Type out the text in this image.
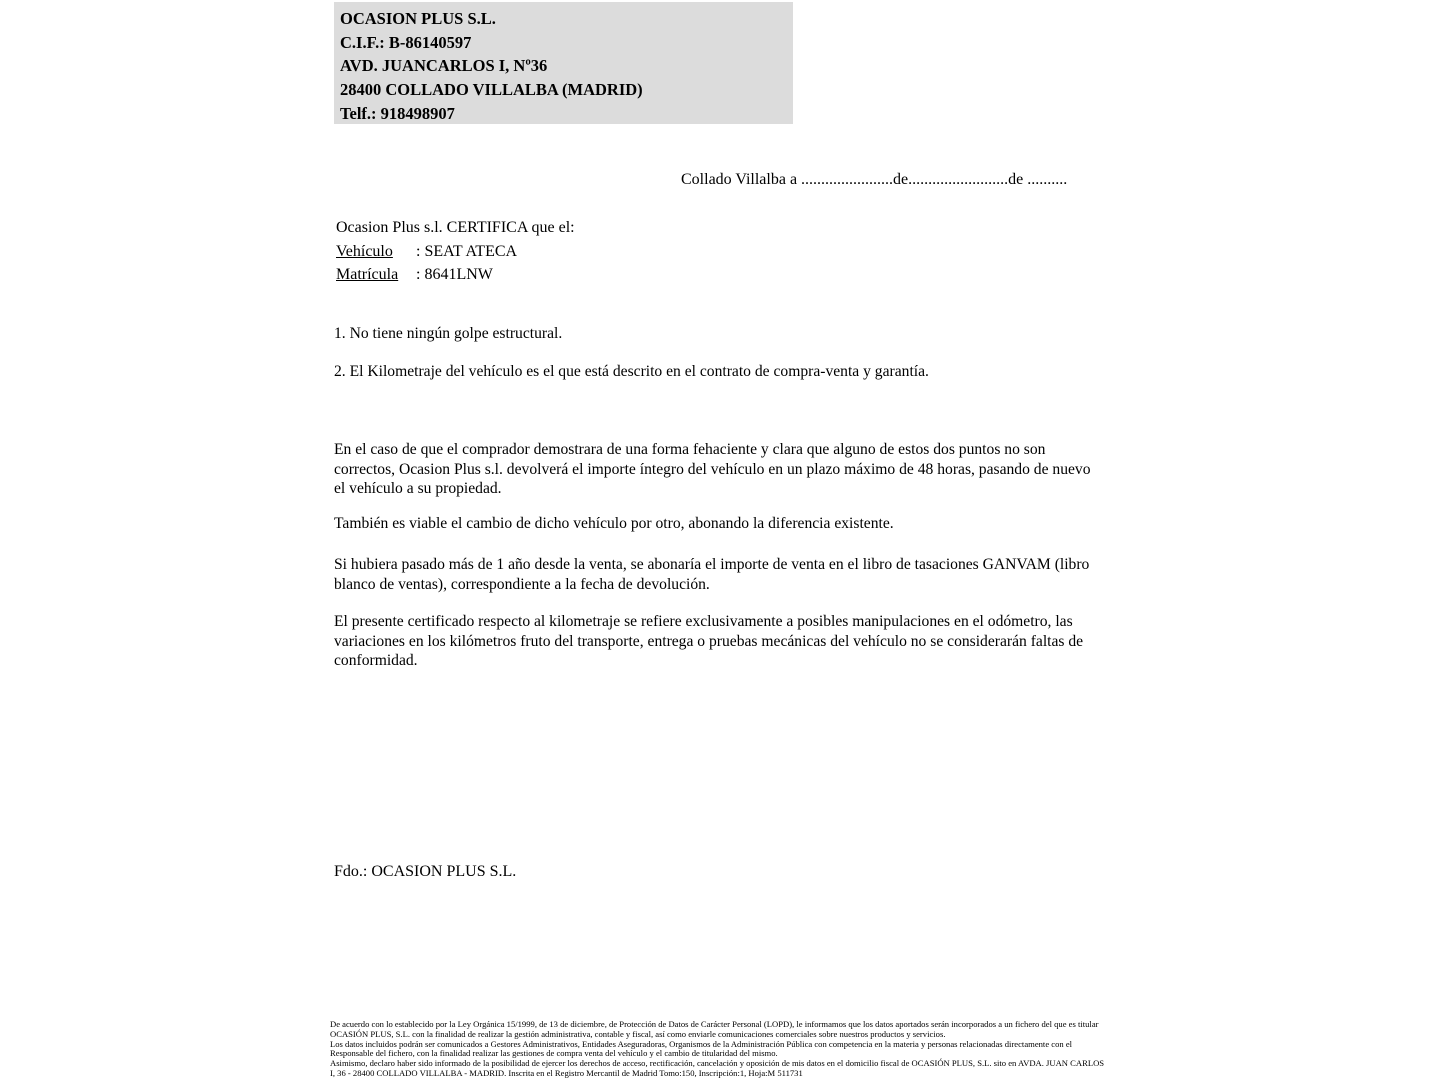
OCASION PLUS S.L.
C.I.F.: B-86140597
AVD. JUANCARLOS I, Nº36
28400 COLLADO VILLALBA (MADRID)
Telf.: 918498907
Collado Villalba a .......................de.........................de ..........
Ocasion Plus s.l. CERTIFICA que el:
Vehículo : SEAT ATECA
Matrícula : 8641LNW
1. No tiene ningún golpe estructural.
2. El Kilometraje del vehículo es el que está descrito en el contrato de compra-venta y garantía.
En el caso de que el comprador demostrara de una forma fehaciente y clara que alguno de estos dos puntos no son correctos, Ocasion Plus s.l. devolverá el importe íntegro del vehículo en un plazo máximo de 48 horas, pasando de nuevo el vehículo a su propiedad.
También es viable el cambio de dicho vehículo por otro, abonando la diferencia existente.
Si hubiera pasado más de 1 año desde la venta, se abonaría el importe de venta en el libro de tasaciones GANVAM (libro blanco de ventas), correspondiente a la fecha de devolución.
El presente certificado respecto al kilometraje se refiere exclusivamente a posibles manipulaciones en el odómetro, las variaciones en los kilómetros fruto del transporte, entrega o pruebas mecánicas del vehículo no se considerarán faltas de conformidad.
Fdo.: OCASION PLUS S.L.

De acuerdo con lo establecido por la Ley Orgánica 15/1999, de 13 de diciembre, de Protección de Datos de Carácter Personal (LOPD), le informamos que los datos aportados serán incorporados a un fichero del que es titular OCASIÓN PLUS, S.L. con la finalidad de realizar la gestión administrativa, contable y fiscal, así como enviarle comunicaciones comerciales sobre nuestros productos y servicios.

Los datos incluidos podrán ser comunicados a Gestores Administrativos, Entidades Aseguradoras, Organismos de la Administración Pública con competencia en la materia y personas relacionadas directamente con el Responsable del fichero, con la finalidad realizar las gestiones de compra venta del vehículo y el cambio de titularidad del mismo.

Asimismo, declaro haber sido informado de la posibilidad de ejercer los derechos de acceso, rectificación, cancelación y oposición de mis datos en el domicilio fiscal de OCASIÓN PLUS, S.L. sito en AVDA. JUAN CARLOS I, 36 - 28400 COLLADO VILLALBA - MADRID. Inscrita en el Registro Mercantil de Madrid Tomo:150, Inscripción:1, Hoja:M 511731
